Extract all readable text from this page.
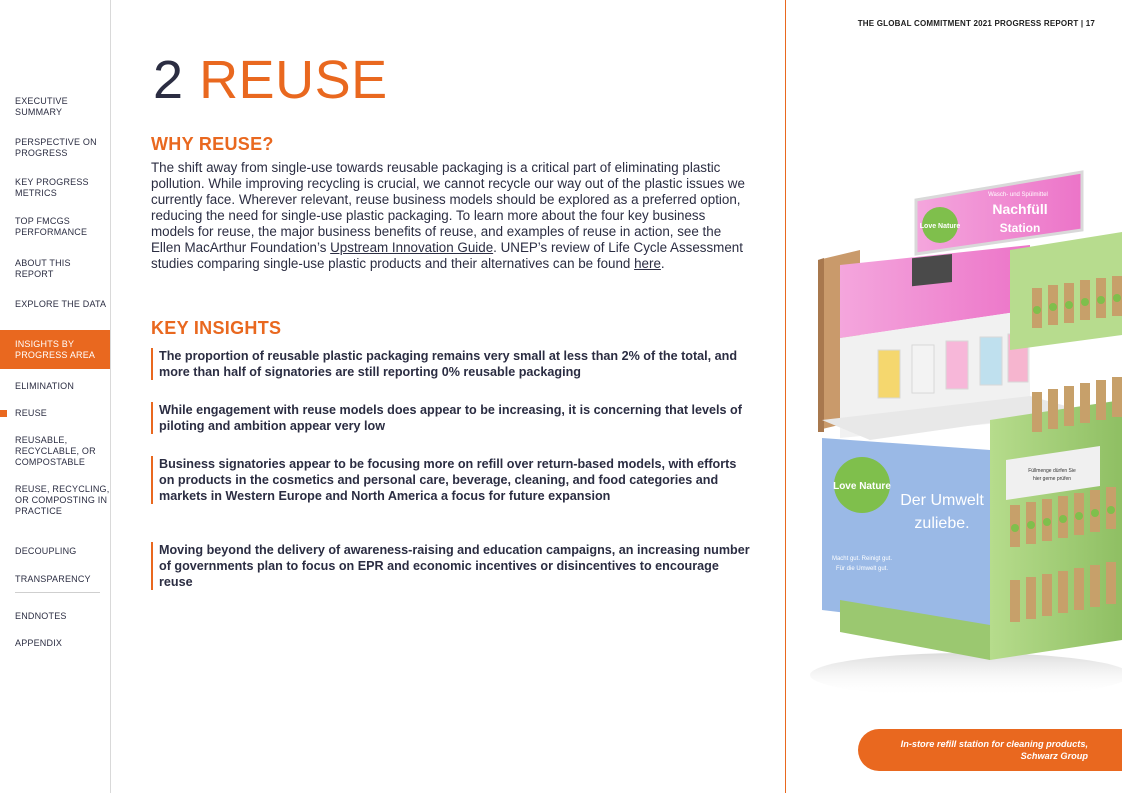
EXECUTIVE SUMMARY
PERSPECTIVE ON PROGRESS
KEY PROGRESS METRICS
TOP FMCGS PERFORMANCE
ABOUT THIS REPORT
EXPLORE THE DATA
INSIGHTS BY PROGRESS AREA
ELIMINATION
REUSE
REUSABLE, RECYCLABLE, OR COMPOSTABLE
REUSE, RECYCLING, OR COMPOSTING IN PRACTICE
DECOUPLING
TRANSPARENCY
ENDNOTES
APPENDIX
2 REUSE
WHY REUSE?

The shift away from single-use towards reusable packaging is a critical part of eliminating plastic pollution. While improving recycling is crucial, we cannot recycle our way out of the plastic issues we currently face. Wherever relevant, reuse business models should be explored as a preferred option, reducing the need for single-use plastic packaging. To learn more about the four key business models for reuse, the major business benefits of reuse, and examples of reuse in action, see the Ellen MacArthur Foundation’s Upstream Innovation Guide. UNEP’s review of Life Cycle Assessment studies comparing single-use plastic products and their alternatives can be found here.

KEY INSIGHTS
The proportion of reusable plastic packaging remains very small at less than 2% of the total, and more than half of signatories are still reporting 0% reusable packaging
While engagement with reuse models does appear to be increasing, it is concerning that levels of piloting and ambition appear very low
Business signatories appear to be focusing more on refill over return-based models, with efforts on products in the cosmetics and personal care, beverage, cleaning, and food categories and markets in Western Europe and North America a focus for future expansion
Moving beyond the delivery of awareness-raising and education campaigns, an increasing number of governments plan to focus on EPR and economic incentives or disincentives to encourage reuse
THE GLOBAL COMMITMENT 2021 PROGRESS REPORT | 17
Love Nature
Wasch- und Spülmittel
Nachfüll
Station
Love Nature
Der Umwelt
zuliebe.
Macht gut. Reinigt gut.
Für die Umwelt gut.
Füllmenge dürfen Sie
hier gerne prüfen
In-store refill station for cleaning products,
Schwarz Group
